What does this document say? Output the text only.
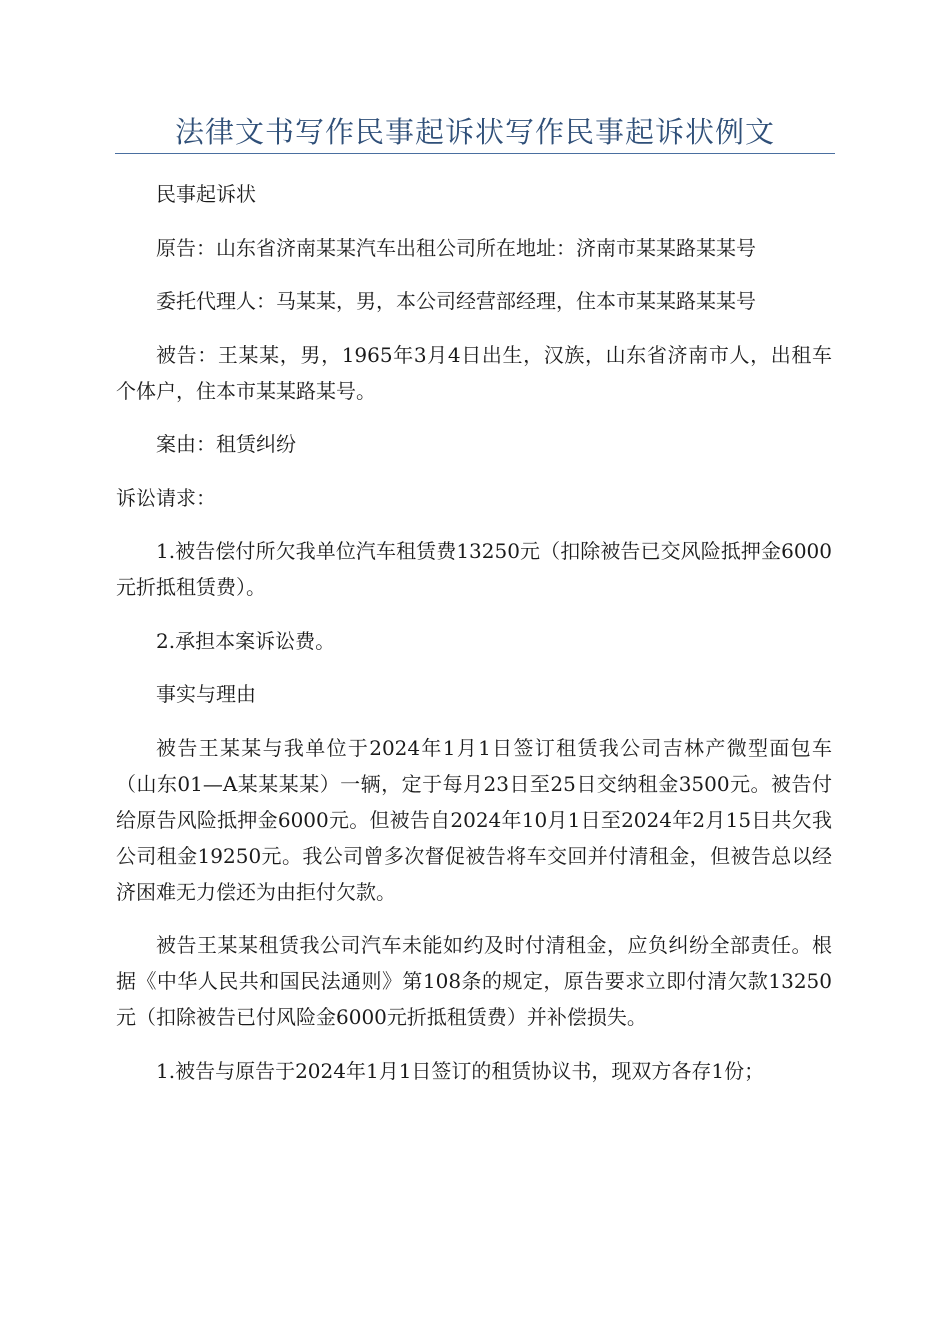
法律文书写作民事起诉状写作民事起诉状例文

民事起诉状

原告：山东省济南某某汽车出租公司所在地址：济南市某某路某某号

委托代理人：马某某，男，本公司经营部经理，住本市某某路某某号

被告：王某某，男，1965年3月4日出生，汉族，山东省济南市人，出租车个体户，住本市某某路某号。

案由：租赁纠纷

诉讼请求：

1.被告偿付所欠我单位汽车租赁费13250元（扣除被告已交风险抵押金6000元折抵租赁费）。

2.承担本案诉讼费。

事实与理由

被告王某某与我单位于2024年1月1日签订租赁我公司吉林产微型面包车（山东01—A某某某某）一辆，定于每月23日至25日交纳租金3500元。被告付给原告风险抵押金6000元。但被告自2024年10月1日至2024年2月15日共欠我公司租金19250元。我公司曾多次督促被告将车交回并付清租金，但被告总以经济困难无力偿还为由拒付欠款。

被告王某某租赁我公司汽车未能如约及时付清租金，应负纠纷全部责任。根据《中华人民共和国民法通则》第108条的规定，原告要求立即付清欠款13250元（扣除被告已付风险金6000元折抵租赁费）并补偿损失。

1.被告与原告于2024年1月1日签订的租赁协议书，现双方各存1份；
